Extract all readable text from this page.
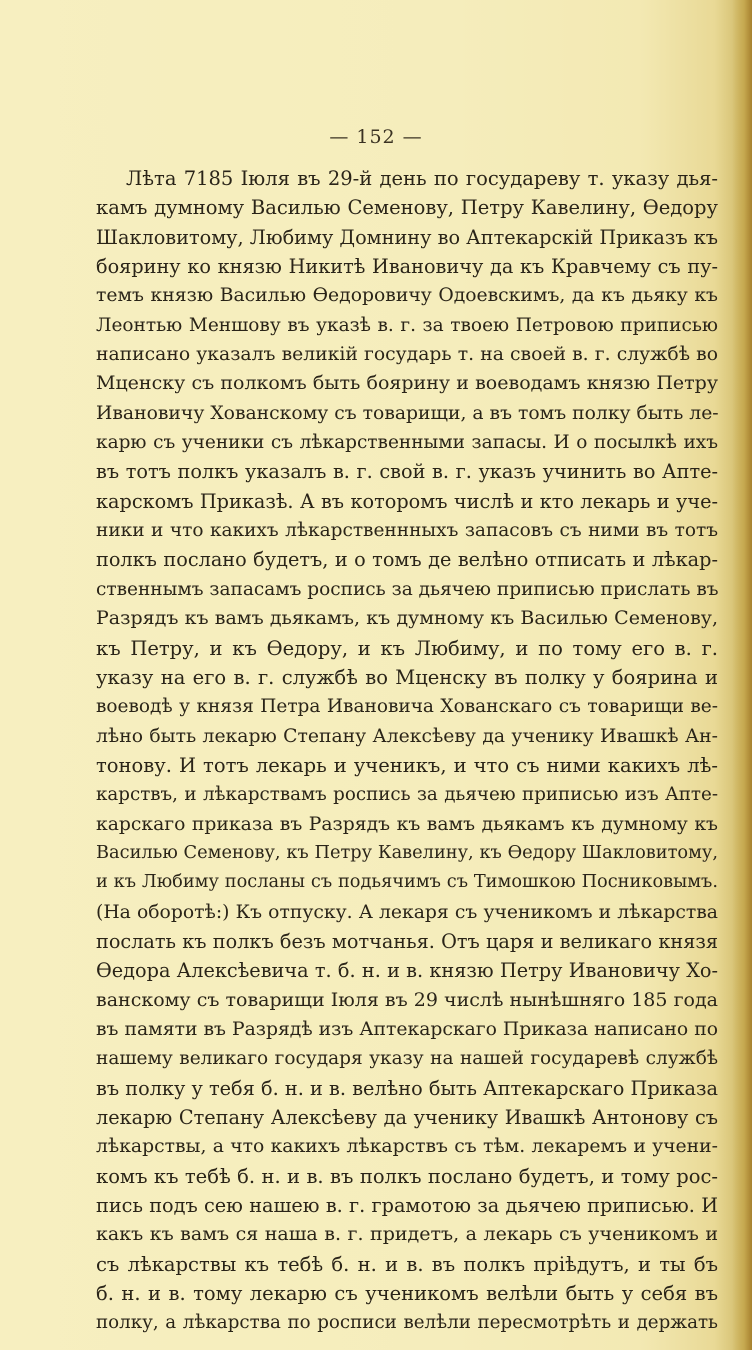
— 152 —
Лѣта 7185 Іюля въ 29-й день по государеву т. указу дья-
камъ думному Василью Семенову, Петру Кавелину, Ѳедору
Шакловитому, Любиму Домнину во Аптекарскій Приказъ къ
боярину ко князю Никитѣ Ивановичу да къ Кравчему съ пу-
темъ князю Василью Ѳедоровичу Одоевскимъ, да къ дьяку къ
Леонтью Меншову въ указѣ в. г. за твоею Петровою приписью
написано указалъ великій государь т. на своей в. г. службѣ во
Мценску съ полкомъ быть боярину и воеводамъ князю Петру
Ивановичу Хованскому съ товарищи, а въ томъ полку быть ле-
карю съ ученики съ лѣкарственными запасы. И о посылкѣ ихъ
въ тотъ полкъ указалъ в. г. свой в. г. указъ учинить во Апте-
карскомъ Приказѣ. А въ которомъ числѣ и кто лекарь и уче-
ники и что какихъ лѣкарственнныхъ запасовъ съ ними въ тотъ
полкъ послано будетъ, и о томъ де велѣно отписать и лѣкар-
ственнымъ запасамъ роспись за дьячею приписью прислать въ
Разрядъ къ вамъ дьякамъ, къ думному къ Василью Семенову,
къ Петру, и къ Ѳедору, и къ Любиму, и по тому его в. г.
указу на его в. г. службѣ во Мценску въ полку у боярина и
воеводѣ у князя Петра Ивановича Хованскаго съ товарищи ве-
лѣно быть лекарю Степану Алексѣеву да ученику Ивашкѣ Ан-
тонову. И тотъ лекарь и ученикъ, и что съ ними какихъ лѣ-
карствъ, и лѣкарствамъ роспись за дьячею приписью изъ Апте-
карскаго приказа въ Разрядъ къ вамъ дьякамъ къ думному къ
Василью Семенову, къ Петру Кавелину, къ Ѳедору Шакловитому,
и къ Любиму посланы съ подьячимъ съ Тимошкою Посниковымъ.
(На оборотѣ:) Къ отпуску. А лекаря съ ученикомъ и лѣкарства
послать къ полкъ безъ мотчанья. Отъ царя и великаго князя
Ѳедора Алексѣевича т. б. н. и в. князю Петру Ивановичу Хо-
ванскому съ товарищи Іюля въ 29 числѣ нынѣшняго 185 года
въ памяти въ Разрядѣ изъ Аптекарскаго Приказа написано по
нашему великаго государя указу на нашей государевѣ службѣ
въ полку у тебя б. н. и в. велѣно быть Аптекарскаго Приказа
лекарю Степану Алексѣеву да ученику Ивашкѣ Антонову съ
лѣкарствы, а что какихъ лѣкарствъ съ тѣм. лекаремъ и учени-
комъ къ тебѣ б. н. и в. въ полкъ послано будетъ, и тому рос-
пись подъ сею нашею в. г. грамотою за дьячею приписью. И
какъ къ вамъ ся наша в. г. придетъ, а лекарь съ ученикомъ и
съ лѣкарствы къ тебѣ б. н. и в. въ полкъ пріѣдутъ, и ты бъ
б. н. и в. тому лекарю съ ученикомъ велѣли быть у себя въ
полку, а лѣкарства по росписи велѣли пересмотрѣть и держать
